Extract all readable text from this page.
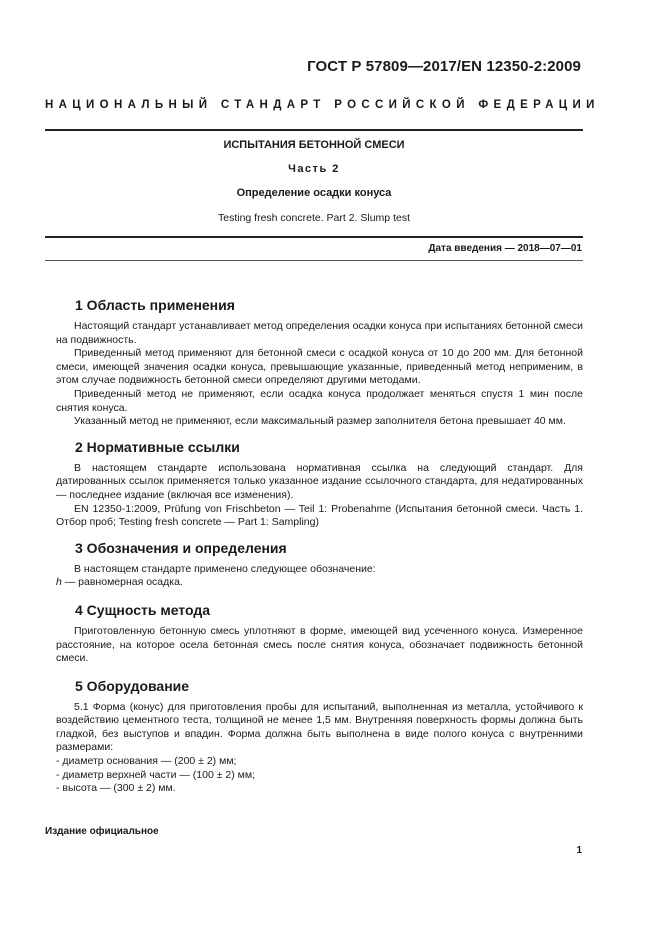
ГОСТ Р 57809—2017/EN 12350-2:2009
НАЦИОНАЛЬНЫЙ СТАНДАРТ РОССИЙСКОЙ ФЕДЕРАЦИИ
ИСПЫТАНИЯ БЕТОННОЙ СМЕСИ
Часть 2
Определение осадки конуса
Testing fresh concrete. Part 2. Slump test
Дата введения — 2018—07—01
1 Область применения

Настоящий стандарт устанавливает метод определения осадки конуса при испытаниях бетонной смеси на подвижность.

Приведенный метод применяют для бетонной смеси с осадкой конуса от 10 до 200 мм. Для бетонной смеси, имеющей значения осадки конуса, превышающие указанные, приведенный метод неприменим, в этом случае подвижность бетонной смеси определяют другими методами.

Приведенный метод не применяют, если осадка конуса продолжает меняться спустя 1 мин после снятия конуса.

Указанный метод не применяют, если максимальный размер заполнителя бетона превышает 40 мм.

2 Нормативные ссылки

В настоящем стандарте использована нормативная ссылка на следующий стандарт. Для датированных ссылок применяется только указанное издание ссылочного стандарта, для недатированных — последнее издание (включая все изменения).

EN 12350-1:2009, Prüfung von Frischbeton — Teil 1: Probenahme (Испытания бетонной смеси. Часть 1. Отбор проб; Testing fresh concrete — Part 1: Sampling)

3 Обозначения и определения

В настоящем стандарте применено следующее обозначение:

h — равномерная осадка.

4 Сущность метода

Приготовленную бетонную смесь уплотняют в форме, имеющей вид усеченного конуса. Измеренное расстояние, на которое осела бетонная смесь после снятия конуса, обозначает подвижность бетонной смеси.

5 Оборудование

5.1 Форма (конус) для приготовления пробы для испытаний, выполненная из металла, устойчивого к воздействию цементного теста, толщиной не менее 1,5 мм. Внутренняя поверхность формы должна быть гладкой, без выступов и впадин. Форма должна быть выполнена в виде полого конуса с внутренними размерами:

- диаметр основания — (200 ± 2) мм;

- диаметр верхней части — (100 ± 2) мм;

- высота — (300 ± 2) мм.

Издание официальное
1
